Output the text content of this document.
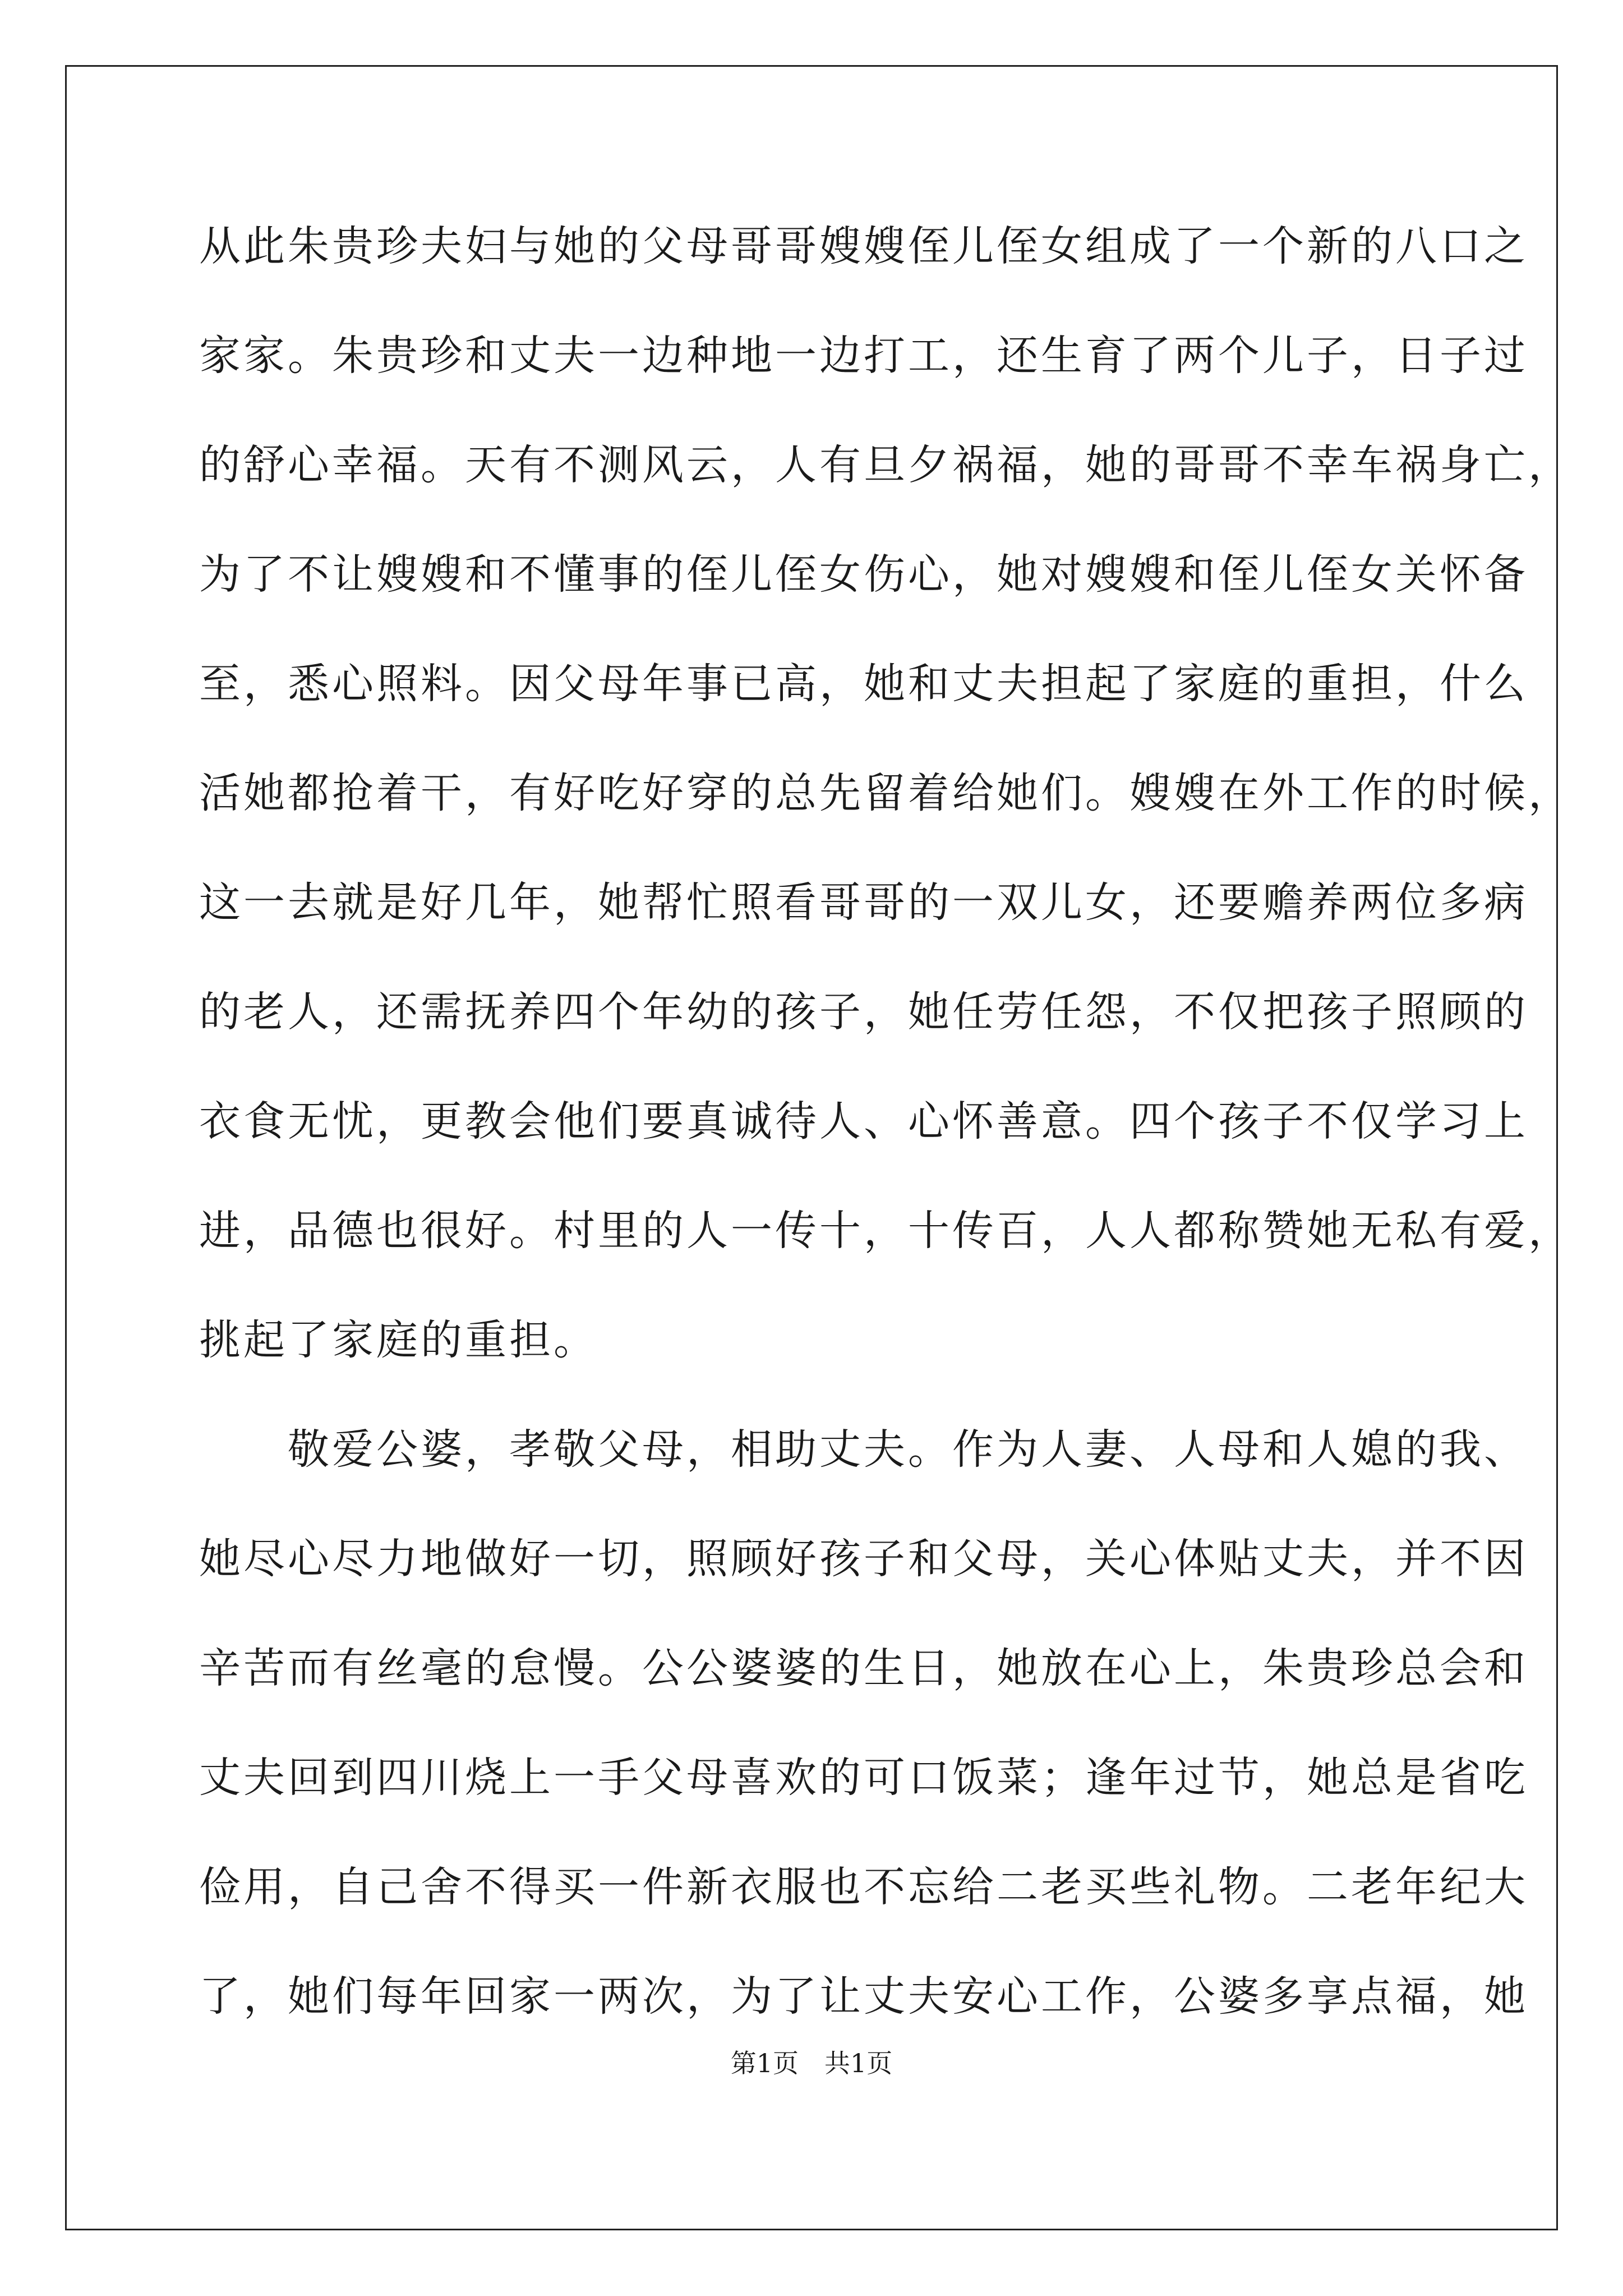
从此朱贵珍夫妇与她的父母哥哥嫂嫂侄儿侄女组成了一个新的八口之
家家。朱贵珍和丈夫一边种地一边打工，还生育了两个儿子，日子过
的舒心幸福。天有不测风云，人有旦夕祸福，她的哥哥不幸车祸身亡，
为了不让嫂嫂和不懂事的侄儿侄女伤心，她对嫂嫂和侄儿侄女关怀备
至，悉心照料。因父母年事已高，她和丈夫担起了家庭的重担，什么
活她都抢着干，有好吃好穿的总先留着给她们。嫂嫂在外工作的时候，
这一去就是好几年，她帮忙照看哥哥的一双儿女，还要赡养两位多病
的老人，还需抚养四个年幼的孩子，她任劳任怨，不仅把孩子照顾的
衣食无忧，更教会他们要真诚待人、心怀善意。四个孩子不仅学习上
进，品德也很好。村里的人一传十，十传百，人人都称赞她无私有爱，
挑起了家庭的重担。
　　敬爱公婆，孝敬父母，相助丈夫。作为人妻、人母和人媳的我、
她尽心尽力地做好一切，照顾好孩子和父母，关心体贴丈夫，并不因
辛苦而有丝毫的怠慢。公公婆婆的生日，她放在心上，朱贵珍总会和
丈夫回到四川烧上一手父母喜欢的可口饭菜；逢年过节，她总是省吃
俭用，自己舍不得买一件新衣服也不忘给二老买些礼物。二老年纪大
了，她们每年回家一两次，为了让丈夫安心工作，公婆多享点福，她
第1页 共1页
